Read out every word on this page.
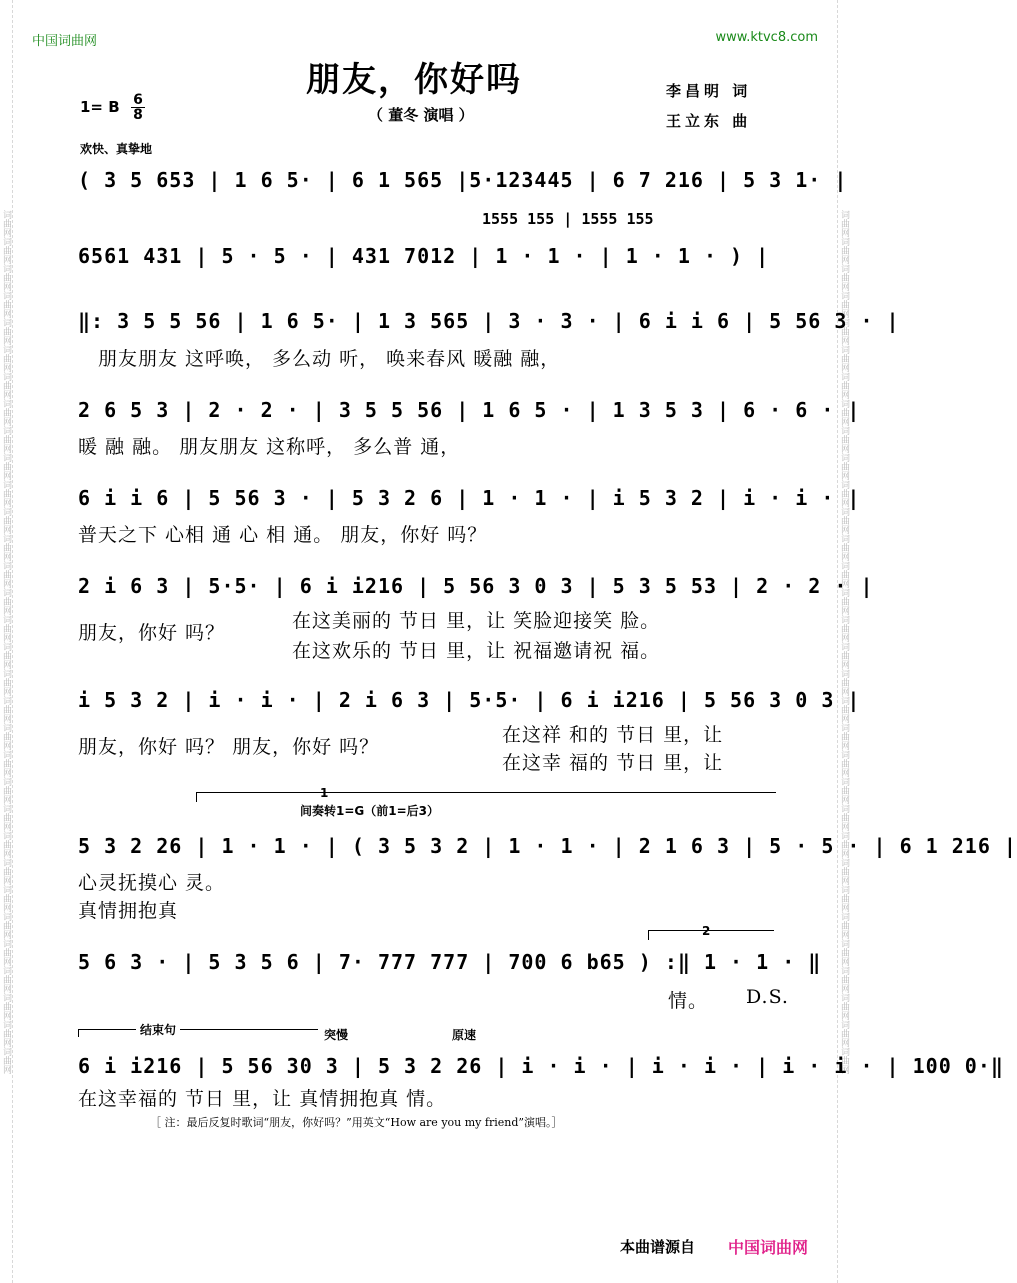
词曲网词曲网词曲网词曲网词曲网词曲网词曲网词曲网词曲网词曲网词曲网词曲网词曲网词曲网词曲网词曲网词曲网词曲网词曲网词曲网词曲网词曲网词曲网词曲网词曲网词曲网词曲网词曲网词曲网词曲网词曲网词曲网	词曲网词曲网词曲网词曲网词曲网词曲网词曲网词曲网词曲网词曲网词曲网词曲网词曲网词曲网词曲网词曲网词曲网词曲网词曲网词曲网词曲网词曲网词曲网词曲网词曲网词曲网词曲网词曲网词曲网词曲网词曲网词曲网
中国词曲网	www.ktvc8.com
朋友，你好吗
（ 董冬 演唱 ）
李昌明 词
王立东 曲
1= B $\frac{6}{8}$
欢快、真挚地
( 3 5 653 | 1 6 5· | 6 1 565 |5·123445 | 6 7 216 | 5 3 1· |
1555 155 | 1555 155
6561 431 | 5 · 5 · | 431 7012 | 1 · 1 · | 1 · 1 · ) |
‖: 3 5 5 56 | 1 6 5· | 1 3 565 | 3 · 3 · | 6 i i 6 | 5 56 3 · |
朋友朋友 这呼唤， 多么动 听， 唤来春风 暖融 融，
2 6 5 3 | 2 · 2 · | 3 5 5 56 | 1 6 5 · | 1 3 5 3 | 6 · 6 · |
暖 融 融。 朋友朋友 这称呼， 多么普 通，
6 i i 6 | 5 56 3 · | 5 3 2 6 | 1 · 1 · | i 5 3 2 | i · i · |
普天之下 心相 通 心 相 通。 朋友，你好 吗？
2 i 6 3 | 5·5· | 6 i i216 | 5 56 3 0 3 | 5 3 5 53 | 2 · 2 · |
朋友，你好 吗？
在这美丽的 节日 里，让 笑脸迎接笑 脸。
在这欢乐的 节日 里，让 祝福邀请祝 福。
i 5 3 2 | i · i · | 2 i 6 3 | 5·5· | 6 i i216 | 5 56 3 0 3 |
朋友，你好 吗？ 朋友，你好 吗？
在这祥 和的 节日 里，让
在这幸 福的 节日 里，让
1
间奏转1=G（前1=后3）
5 3 2 26 | 1 · 1 · | ( 3 5 3 2 | 1 · 1 · | 2 1 6 3 | 5 · 5 · | 6 1 216 |
心灵抚摸心 灵。
真情拥抱真
2
5 6 3 · | 5 3 5 6 | 7· 777 777 | 700 6 b65 ) :‖ 1 · 1 · ‖
情。 D.S.
结束句	突慢	原速
6 i i216 | 5 56 30 3 | 5 3 2 26 | i · i · | i · i · | i · i · | 100 0·‖
在这幸福的 节日 里，让 真情拥抱真 情。
［ 注：最后反复时歌词“朋友，你好吗？”用英文“How are you my friend”演唱。］
本曲谱源自 中国词曲网
